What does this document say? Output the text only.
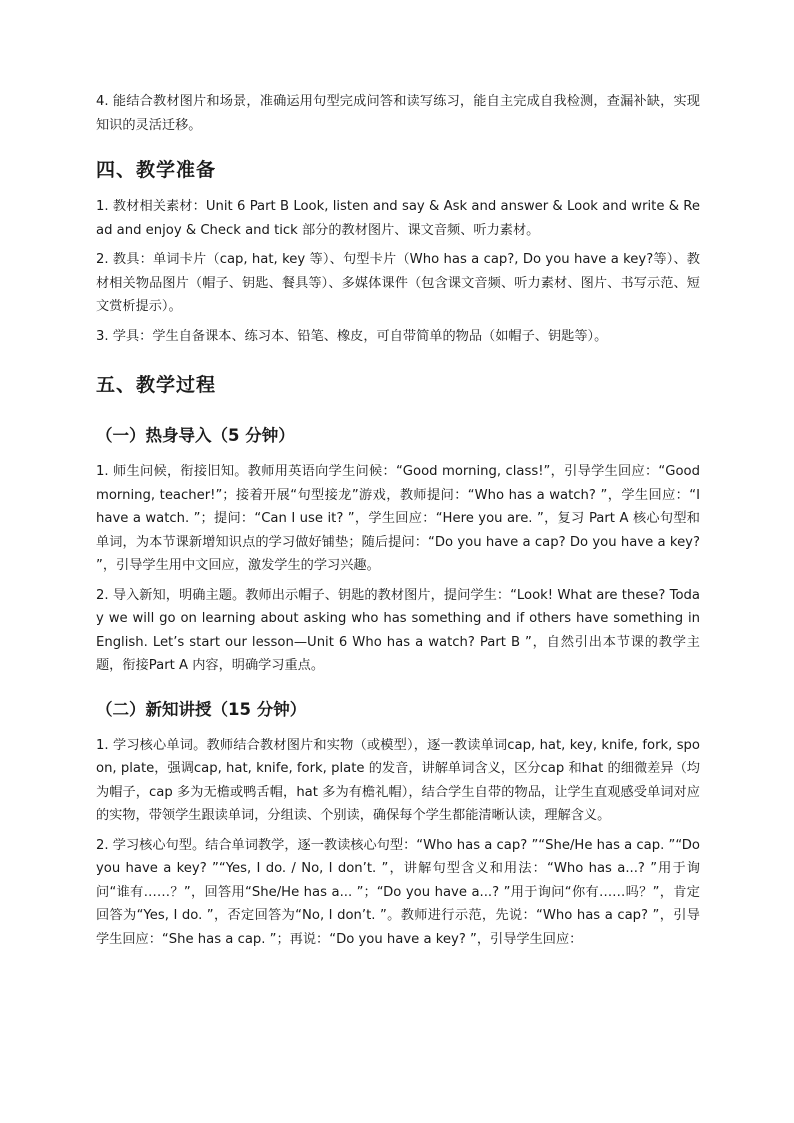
4. 能结合教材图片和场景，准确运用句型完成问答和读写练习，能自主完成自我检测，查漏补缺，实现知识的灵活迁移。

四、教学准备

1. 教材相关素材：Unit 6 Part B Look, listen and say & Ask and answer & Look and write & Read and enjoy & Check and tick 部分的教材图片、课文音频、听力素材。

2. 教具：单词卡片（cap, hat, key 等）、句型卡片（Who has a cap?, Do you have a key?等）、教材相关物品图片（帽子、钥匙、餐具等）、多媒体课件（包含课文音频、听力素材、图片、书写示范、短文赏析提示）。

3. 学具：学生自备课本、练习本、铅笔、橡皮，可自带简单的物品（如帽子、钥匙等）。

五、教学过程
（一）热身导入（5 分钟）

1. 师生问候，衔接旧知。教师用英语向学生问候：“Good morning, class!”，引导学生回应：“Good morning, teacher!”；接着开展“句型接龙”游戏，教师提问：“Who has a watch? ”，学生回应：“I have a watch. ”；提问：“Can I use it? ”，学生回应：“Here you are. ”，复习 Part A 核心句型和单词，为本节课新增知识点的学习做好铺垫；随后提问：“Do you have a cap? Do you have a key? ”，引导学生用中文回应，激发学生的学习兴趣。

2. 导入新知，明确主题。教师出示帽子、钥匙的教材图片，提问学生：“Look! What are these? Today we will go on learning about asking who has something and if others have something in English. Let’s start our lesson—Unit 6 Who has a watch? Part B ”，自然引出本节课的教学主题，衔接Part A 内容，明确学习重点。

（二）新知讲授（15 分钟）

1. 学习核心单词。教师结合教材图片和实物（或模型），逐一教读单词cap, hat, key, knife, fork, spoon, plate，强调cap, hat, knife, fork, plate 的发音，讲解单词含义，区分cap 和hat 的细微差异（均为帽子，cap 多为无檐或鸭舌帽，hat 多为有檐礼帽），结合学生自带的物品，让学生直观感受单词对应的实物，带领学生跟读单词，分组读、个别读，确保每个学生都能清晰认读，理解含义。

2. 学习核心句型。结合单词教学，逐一教读核心句型：“Who has a cap? ”“She/He has a cap. ”“Do you have a key? ”“Yes, I do. / No, I don’t. ”，讲解句型含义和用法：“Who has a...? ”用于询问“谁有……？”，回答用“She/He has a... ”；“Do you have a...? ”用于询问“你有……吗？”，肯定回答为“Yes, I do. ”，否定回答为“No, I don’t. ”。教师进行示范，先说：“Who has a cap? ”，引导学生回应：“She has a cap. ”；再说：“Do you have a key? ”，引导学生回应：
